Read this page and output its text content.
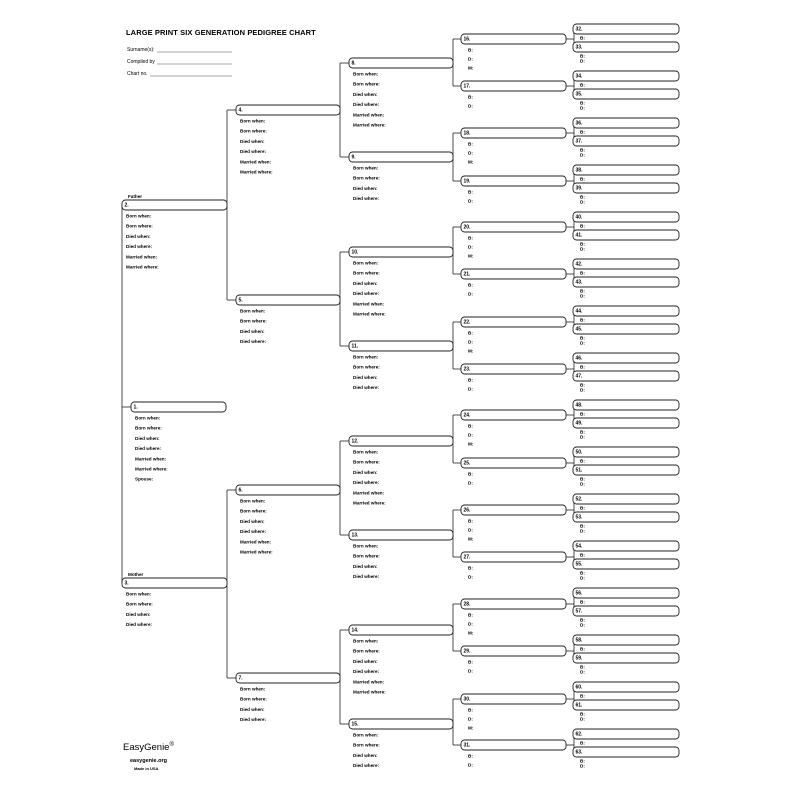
LARGE PRINT SIX GENERATION PEDIGREE CHART
Surname(s):
Compiled by
Chart no.
1.
Born when:
Born where:
Died when:
Died where:
Married when:
Married where:
Spouse:
2.
Born when:
Born where:
Died when:
Died where:
Married when:
Married where:
3.
Born when:
Born where:
Died when:
Died where:
4.
Born when:
Born where:
Died when:
Died where:
Married when:
Married where:
5.
Born when:
Born where:
Died when:
Died where:
6.
Born when:
Born where:
Died when:
Died where:
Married when:
Married where:
7.
Born when:
Born where:
Died when:
Died where:
8.
Born when:
Born where:
Died when:
Died where:
Married when:
Married where:
9.
Born when:
Born where:
Died when:
Died where:
10.
Born when:
Born where:
Died when:
Died where:
Married when:
Married where:
11.
Born when:
Born where:
Died when:
Died where:
12.
Born when:
Born where:
Died when:
Died where:
Married when:
Married where:
13.
Born when:
Born where:
Died when:
Died where:
14.
Born when:
Born where:
Died when:
Died where:
Married when:
Married where:
15.
Born when:
Born where:
Died when:
Died where:
16.
B:
D:
M:
17.
B:
D:
18.
B:
D:
M:
19.
B:
D:
20.
B:
D:
M:
21.
B:
D:
22.
B:
D:
M:
23.
B:
D:
24.
B:
D:
M:
25.
B:
D:
26.
B:
D:
M:
27.
B:
D:
28.
B:
D:
M:
29.
B:
D:
30.
B:
D:
M:
31.
B:
D:
32.
B:
33.
B:
D:
34.
B:
35.
B:
D:
36.
B:
37.
B:
D:
38.
B:
39.
B:
D:
40.
B:
41.
B:
D:
42.
B:
43.
B:
D:
44.
B:
45.
B:
D:
46.
B:
47.
B:
D:
48.
B:
49.
B:
D:
50.
B:
51.
B:
D:
52.
B:
53.
B:
D:
54.
B:
55.
B:
D:
56.
B:
57.
B:
D:
58.
B:
59.
B:
D:
60.
B:
61.
B:
D:
62.
B:
63.
B:
D:
Father
Mother
EasyGenie®
easygenie.org
Made in USA
